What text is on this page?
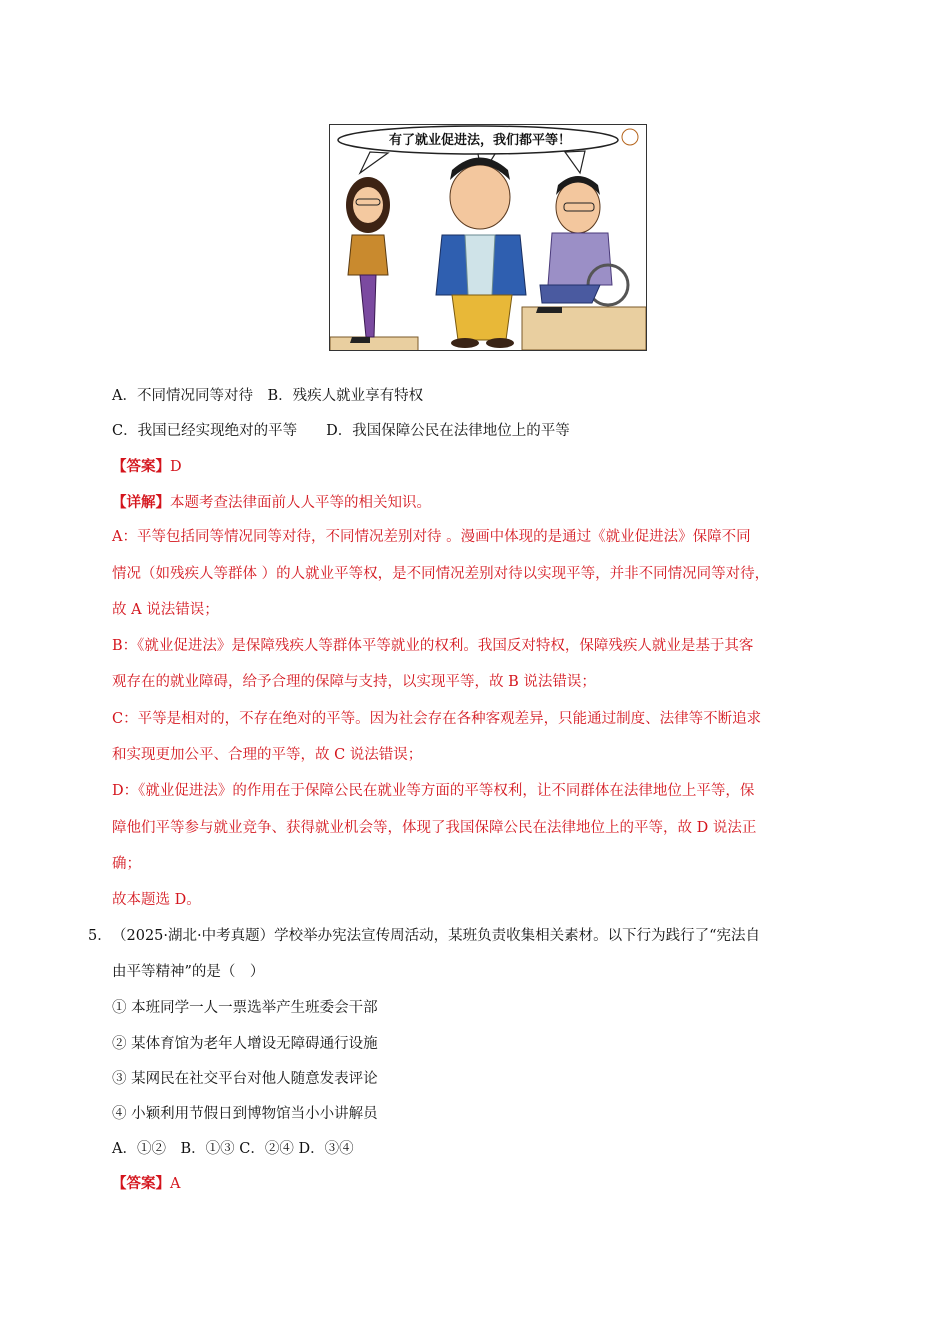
有了就业促进法，我们都平等！
A．不同情况同等对待　B．残疾人就业享有特权
C．我国已经实现绝对的平等　　D．我国保障公民在法律地位上的平等
【答案】D
【详解】本题考查法律面前人人平等的相关知识。
A：平等包括同等情况同等对待，不同情况差别对待 。漫画中体现的是通过《就业促进法》保障不同
情况（如残疾人等群体 ）的人就业平等权，是不同情况差别对待以实现平等，并非不同情况同等对待，
故 A 说法错误；
B：《就业促进法》是保障残疾人等群体平等就业的权利。我国反对特权，保障残疾人就业是基于其客
观存在的就业障碍，给予合理的保障与支持，以实现平等，故 B 说法错误；
C：平等是相对的，不存在绝对的平等。因为社会存在各种客观差异，只能通过制度、法律等不断追求
和实现更加公平、合理的平等，故 C 说法错误；
D：《就业促进法》的作用在于保障公民在就业等方面的平等权利，让不同群体在法律地位上平等，保
障他们平等参与就业竞争、获得就业机会等，体现了我国保障公民在法律地位上的平等，故 D 说法正
确；
故本题选 D。
5． （2025·湖北·中考真题）学校举办宪法宣传周活动，某班负责收集相关素材。以下行为践行了“宪法自
由平等精神”的是（　）
① 本班同学一人一票选举产生班委会干部
② 某体育馆为老年人增设无障碍通行设施
③ 某网民在社交平台对他人随意发表评论
④ 小颖利用节假日到博物馆当小小讲解员
A．①②　B．①③ C．②④ D．③④
【答案】A
